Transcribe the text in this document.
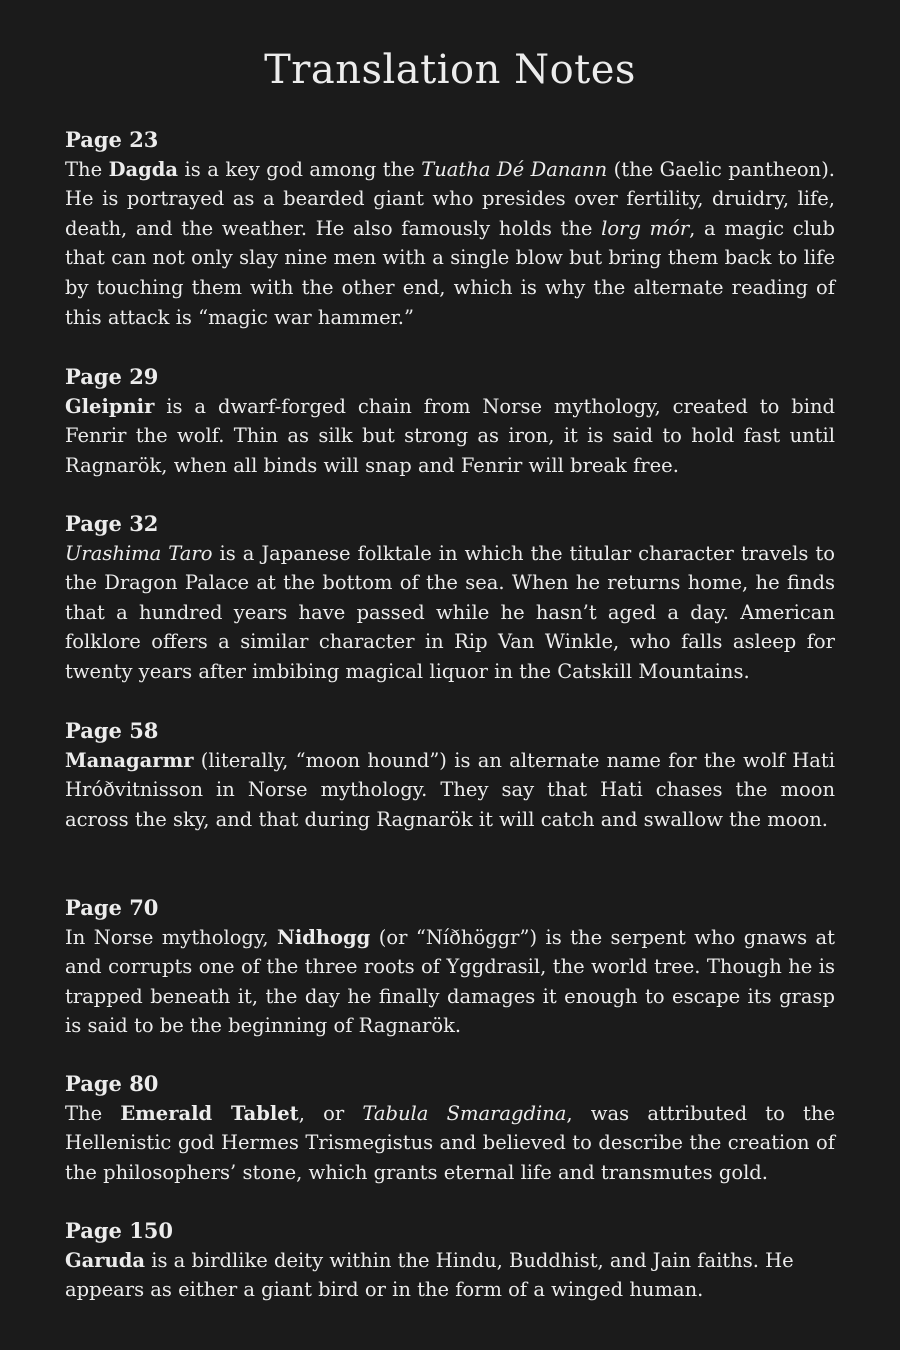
Translation Notes
Page 23

The Dagda is a key god among the Tuatha Dé Danann (the Gaelic pantheon). He is portrayed as a bearded giant who presides over fertility, druidry, life, death, and the weather. He also famously holds the lorg mór, a magic club that can not only slay nine men with a single blow but bring them back to life by touching them with the other end, which is why the alternate reading of this attack is “magic war hammer.”

Page 29

Gleipnir is a dwarf-forged chain from Norse mythology, created to bind Fenrir the wolf. Thin as silk but strong as iron, it is said to hold fast until Ragnarök, when all binds will snap and Fenrir will break free.

Page 32

Urashima Taro is a Japanese folktale in which the titular character travels to the Dragon Palace at the bottom of the sea. When he returns home, he finds that a hundred years have passed while he hasn’t aged a day. American folklore offers a similar character in Rip Van Winkle, who falls asleep for twenty years after imbibing magical liquor in the Catskill Mountains.

Page 58

Managarmr (literally, “moon hound”) is an alternate name for the wolf Hati Hróðvitnisson in Norse mythology. They say that Hati chases the moon across the sky, and that during Ragnarök it will catch and swallow the moon.

Page 70

In Norse mythology, Nidhogg (or “Níðhöggr”) is the serpent who gnaws at and corrupts one of the three roots of Yggdrasil, the world tree. Though he is trapped beneath it, the day he finally damages it enough to escape its grasp is said to be the beginning of Ragnarök.

Page 80

The Emerald Tablet, or Tabula Smaragdina, was attributed to the Hellenistic god Hermes Trismegistus and believed to describe the creation of the philosophers’ stone, which grants eternal life and transmutes gold.

Page 150

Garuda is a birdlike deity within the Hindu, Buddhist, and Jain faiths. He appears as either a giant bird or in the form of a winged human.
